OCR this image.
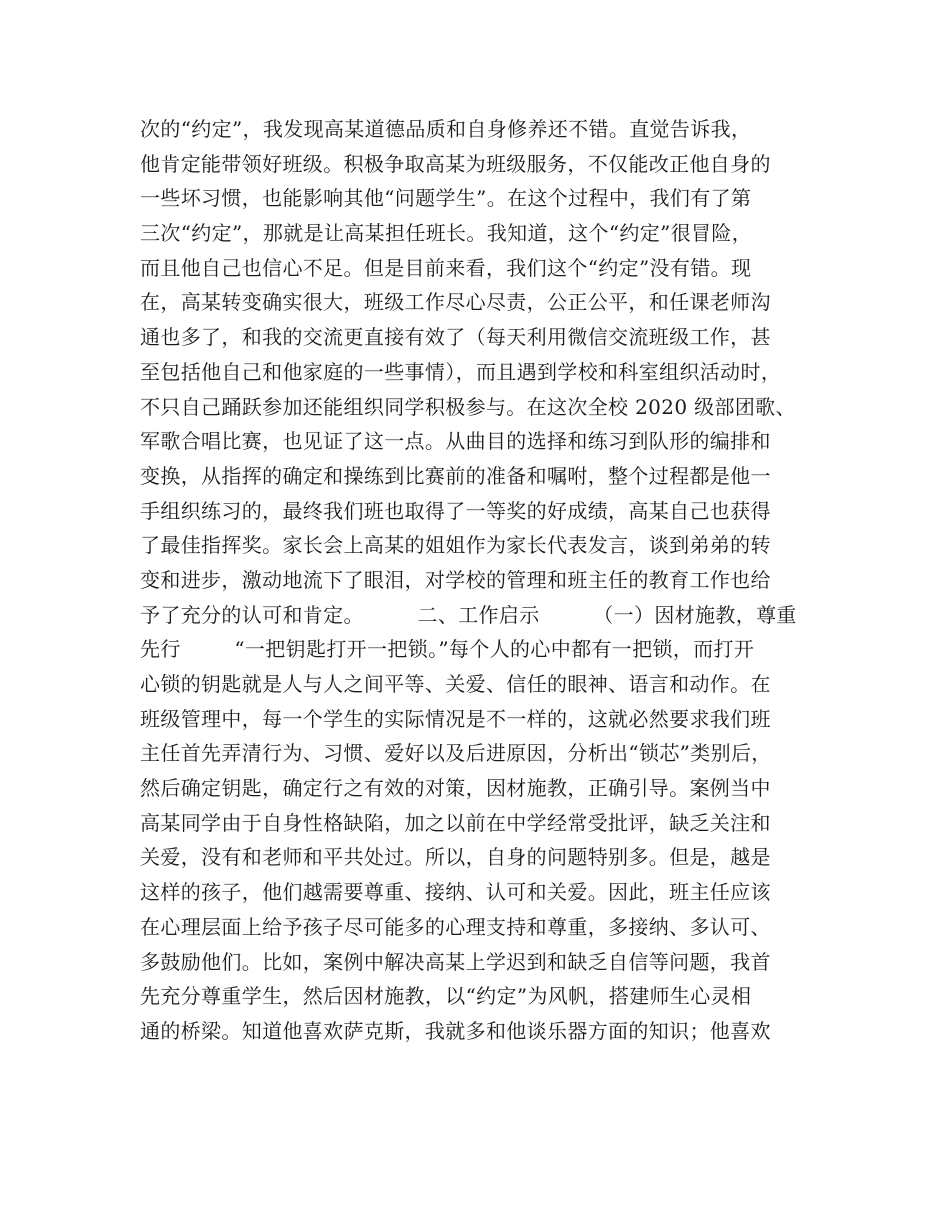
次的“约定”，我发现高某道德品质和自身修养还不错。直觉告诉我，
他肯定能带领好班级。积极争取高某为班级服务，不仅能改正他自身的
一些坏习惯，也能影响其他“问题学生”。在这个过程中，我们有了第
三次“约定”，那就是让高某担任班长。我知道，这个“约定”很冒险，
而且他自己也信心不足。但是目前来看，我们这个“约定”没有错。现
在，高某转变确实很大，班级工作尽心尽责，公正公平，和任课老师沟
通也多了，和我的交流更直接有效了（每天利用微信交流班级工作，甚
至包括他自己和他家庭的一些事情），而且遇到学校和科室组织活动时，
不只自己踊跃参加还能组织同学积极参与。在这次全校 2020 级部团歌、
军歌合唱比赛，也见证了这一点。从曲目的选择和练习到队形的编排和
变换，从指挥的确定和操练到比赛前的准备和嘱咐，整个过程都是他一
手组织练习的，最终我们班也取得了一等奖的好成绩，高某自己也获得
了最佳指挥奖。家长会上高某的姐姐作为家长代表发言，谈到弟弟的转
变和进步，激动地流下了眼泪，对学校的管理和班主任的教育工作也给
予了充分的认可和肯定。        二、工作启示        （一）因材施教，尊重
先行        “一把钥匙打开一把锁。”每个人的心中都有一把锁，而打开
心锁的钥匙就是人与人之间平等、关爱、信任的眼神、语言和动作。在
班级管理中，每一个学生的实际情况是不一样的，这就必然要求我们班
主任首先弄清行为、习惯、爱好以及后进原因，分析出“锁芯”类别后，
然后确定钥匙，确定行之有效的对策，因材施教，正确引导。案例当中
高某同学由于自身性格缺陷，加之以前在中学经常受批评，缺乏关注和
关爱，没有和老师和平共处过。所以，自身的问题特别多。但是，越是
这样的孩子，他们越需要尊重、接纳、认可和关爱。因此，班主任应该
在心理层面上给予孩子尽可能多的心理支持和尊重，多接纳、多认可、
多鼓励他们。比如，案例中解决高某上学迟到和缺乏自信等问题，我首
先充分尊重学生，然后因材施教，以“约定”为风帆，搭建师生心灵相
通的桥梁。知道他喜欢萨克斯，我就多和他谈乐器方面的知识；他喜欢
